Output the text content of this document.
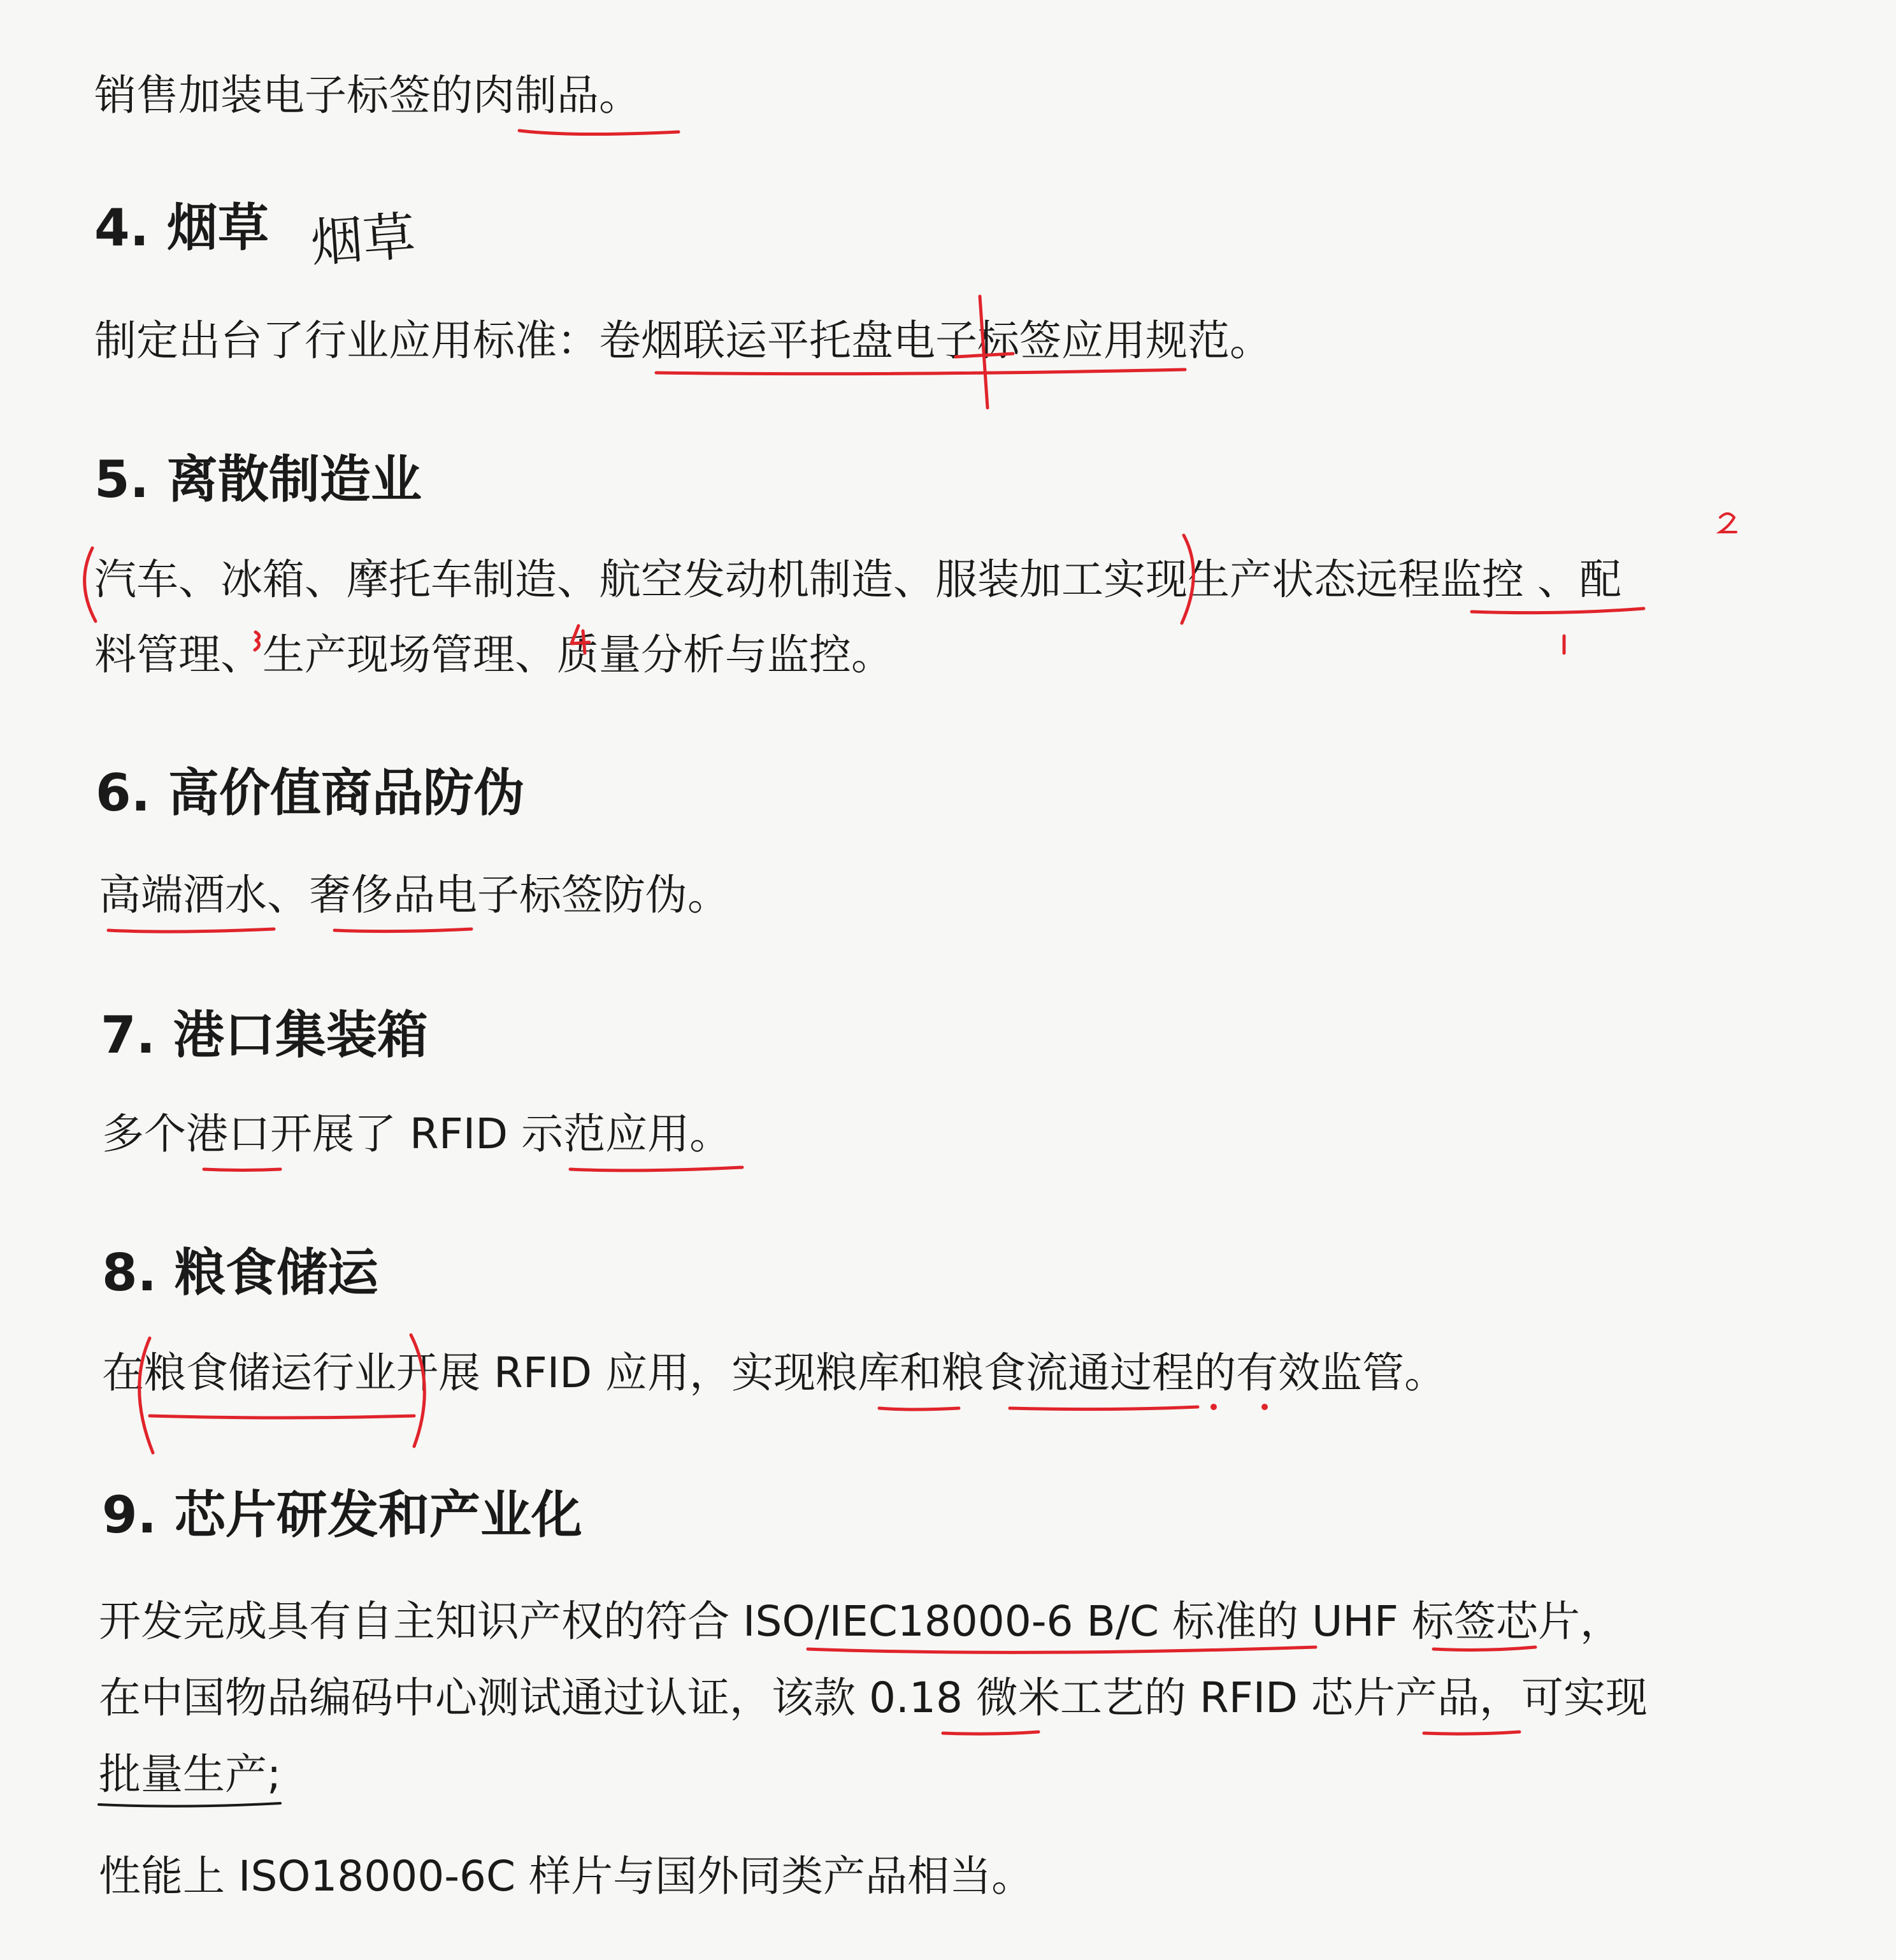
销售加装电子标签的肉制品。
4. 烟草
制定出台了行业应用标准：卷烟联运平托盘电子标签应用规范。
5. 离散制造业
汽车、冰箱、摩托车制造、航空发动机制造、服装加工实现生产状态远程监控 、配
料管理、生产现场管理、质量分析与监控。
6. 高价值商品防伪
高端酒水、奢侈品电子标签防伪。
7. 港口集装箱
多个港口开展了 RFID 示范应用。
8. 粮食储运
在粮食储运行业开展 RFID 应用，实现粮库和粮食流通过程的有效监管。
9. 芯片研发和产业化
开发完成具有自主知识产权的符合 ISO/IEC18000-6 B/C 标准的 UHF 标签芯片，
在中国物品编码中心测试通过认证，该款 0.18 微米工艺的 RFID 芯片产品，可实现
批量生产;
性能上 ISO18000-6C 样片与国外同类产品相当。
烟草
